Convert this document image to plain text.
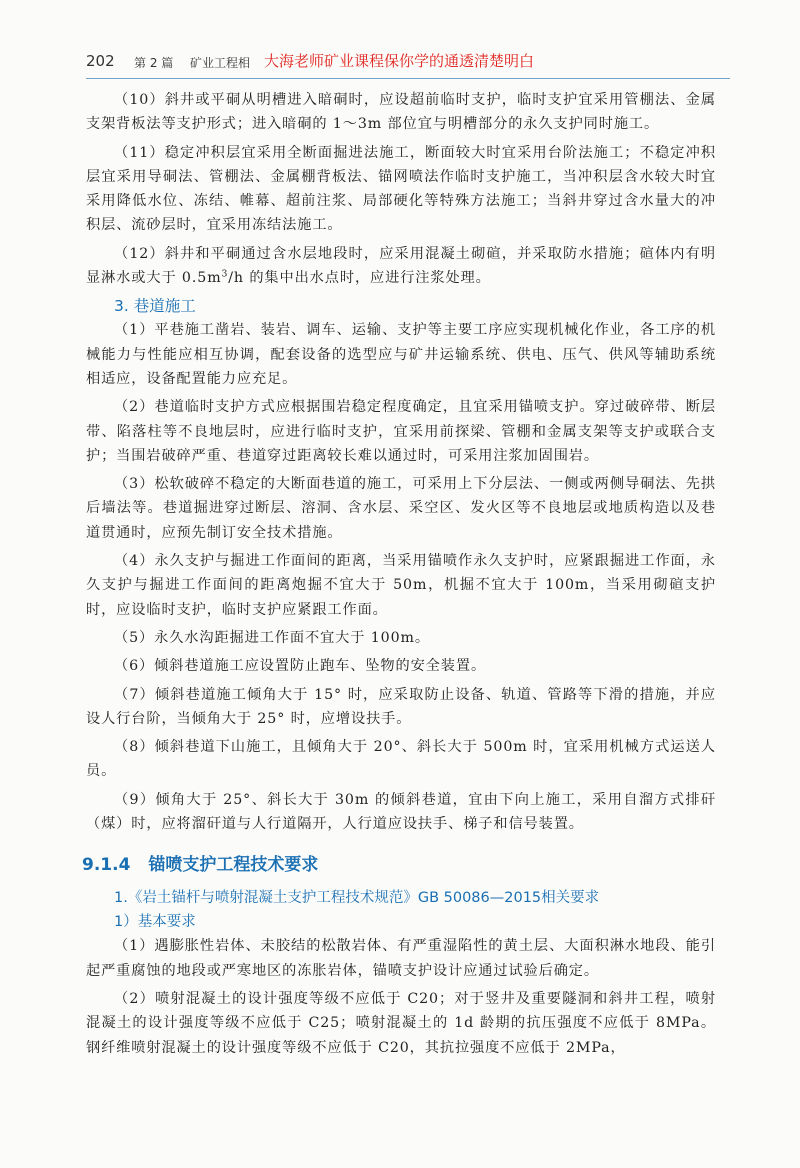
202 第 2 篇 矿业工程相 大海老师矿业课程保你学的通透清楚明白

（10）斜井或平硐从明槽进入暗硐时，应设超前临时支护，临时支护宜采用管棚法、金属支架背板法等支护形式；进入暗硐的 1～3m 部位宜与明槽部分的永久支护同时施工。

（11）稳定冲积层宜采用全断面掘进法施工，断面较大时宜采用台阶法施工；不稳定冲积层宜采用导硐法、管棚法、金属棚背板法、锚网喷法作临时支护施工，当冲积层含水较大时宜采用降低水位、冻结、帷幕、超前注浆、局部硬化等特殊方法施工；当斜井穿过含水量大的冲积层、流砂层时，宜采用冻结法施工。

（12）斜井和平硐通过含水层地段时，应采用混凝土砌碹，并采取防水措施；碹体内有明显淋水或大于 $0.5m^3/h$ 的集中出水点时，应进行注浆处理。

3. 巷道施工

（1）平巷施工凿岩、装岩、调车、运输、支护等主要工序应实现机械化作业，各工序的机械能力与性能应相互协调，配套设备的选型应与矿井运输系统、供电、压气、供风等辅助系统相适应，设备配置能力应充足。

（2）巷道临时支护方式应根据围岩稳定程度确定，且宜采用锚喷支护。穿过破碎带、断层带、陷落柱等不良地层时，应进行临时支护，宜采用前探梁、管棚和金属支架等支护或联合支护；当围岩破碎严重、巷道穿过距离较长难以通过时，可采用注浆加固围岩。

（3）松软破碎不稳定的大断面巷道的施工，可采用上下分层法、一侧或两侧导硐法、先拱后墙法等。巷道掘进穿过断层、溶洞、含水层、采空区、发火区等不良地层或地质构造以及巷道贯通时，应预先制订安全技术措施。

（4）永久支护与掘进工作面间的距离，当采用锚喷作永久支护时，应紧跟掘进工作面，永久支护与掘进工作面间的距离炮掘不宜大于 50m，机掘不宜大于 100m，当采用砌碹支护时，应设临时支护，临时支护应紧跟工作面。

（5）永久水沟距掘进工作面不宜大于 100m。

（6）倾斜巷道施工应设置防止跑车、坠物的安全装置。

（7）倾斜巷道施工倾角大于 15° 时，应采取防止设备、轨道、管路等下滑的措施，并应设人行台阶，当倾角大于 25° 时，应增设扶手。

（8）倾斜巷道下山施工，且倾角大于 20°、斜长大于 500m 时，宜采用机械方式运送人员。

（9）倾角大于 25°、斜长大于 30m 的倾斜巷道，宜由下向上施工，采用自溜方式排矸（煤）时，应将溜矸道与人行道隔开，人行道应设扶手、梯子和信号装置。

9.1.4 锚喷支护工程技术要求
1.《岩土锚杆与喷射混凝土支护工程技术规范》GB 50086—2015相关要求
1）基本要求

（1）遇膨胀性岩体、未胶结的松散岩体、有严重湿陷性的黄土层、大面积淋水地段、能引起严重腐蚀的地段或严寒地区的冻胀岩体，锚喷支护设计应通过试验后确定。

（2）喷射混凝土的设计强度等级不应低于 C20；对于竖井及重要隧洞和斜井工程，喷射混凝土的设计强度等级不应低于 C25；喷射混凝土的 1d 龄期的抗压强度不应低于 8MPa。钢纤维喷射混凝土的设计强度等级不应低于 C20，其抗拉强度不应低于 2MPa，
